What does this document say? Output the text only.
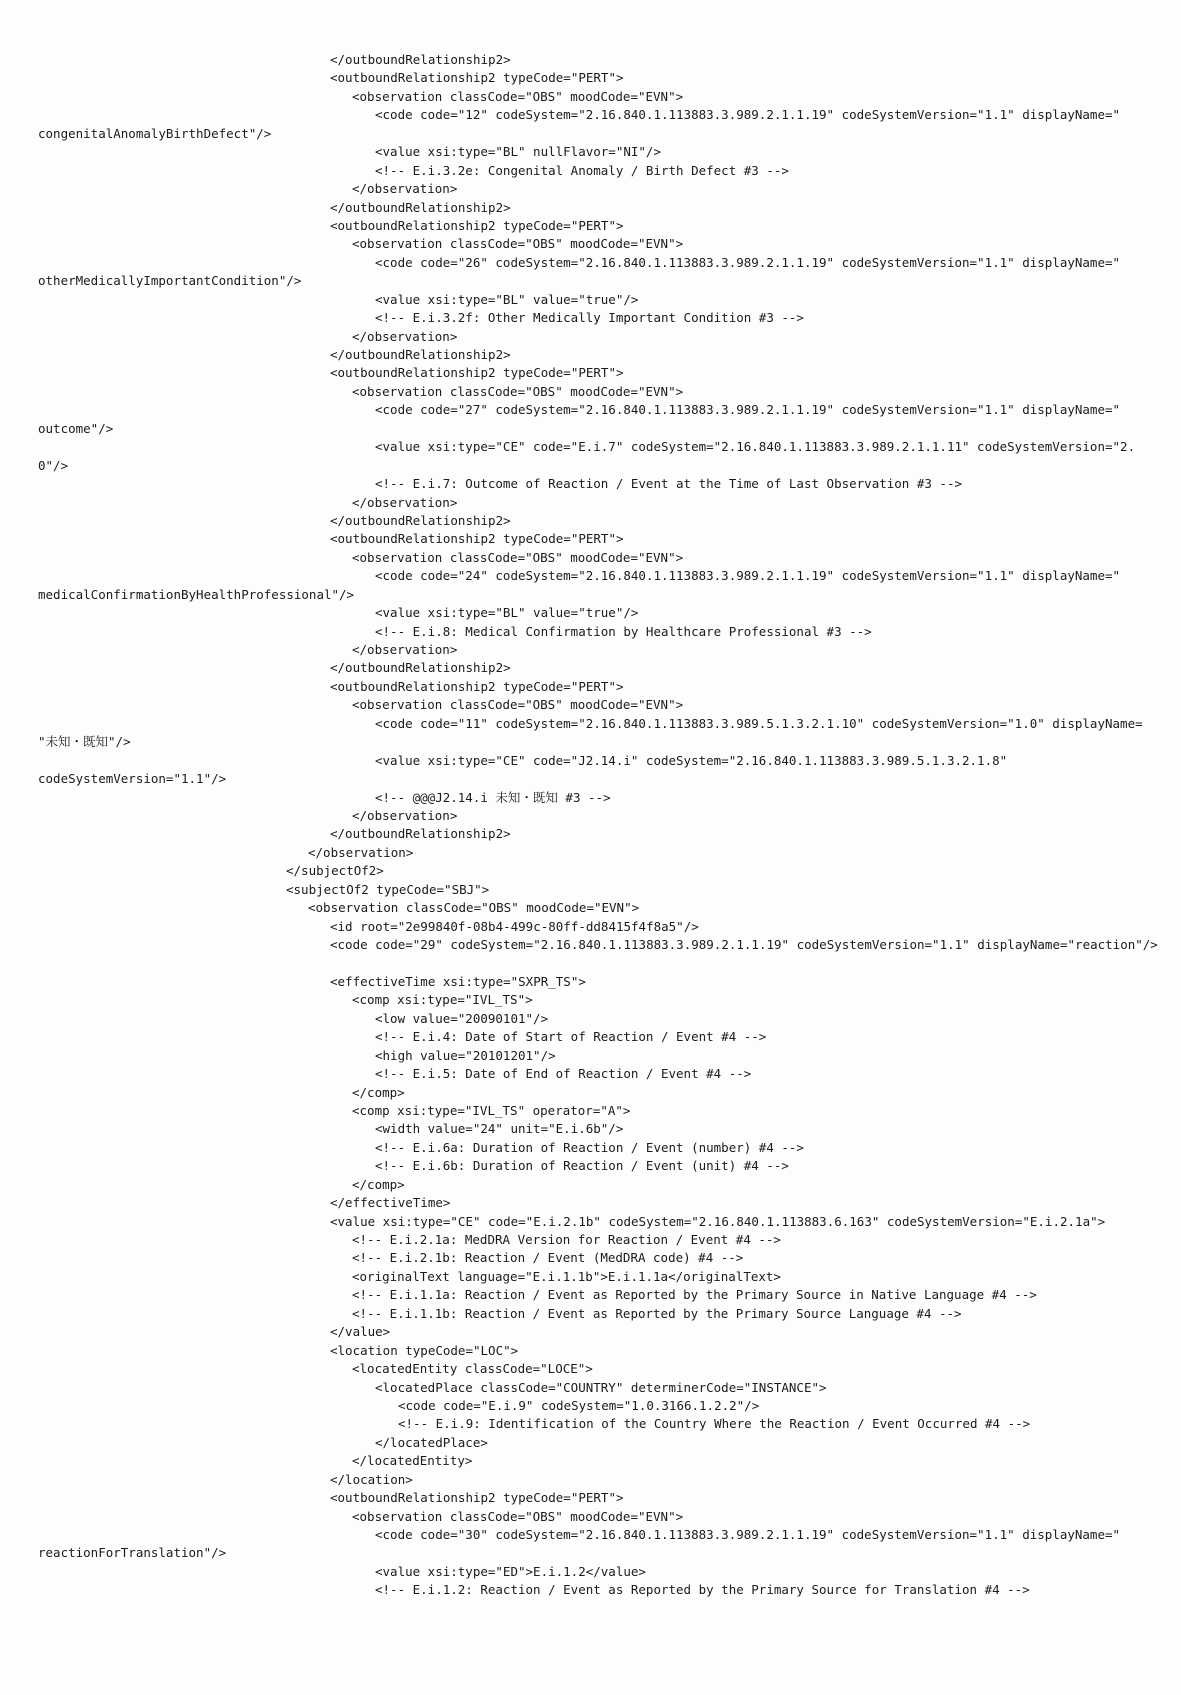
</outboundRelationship2>
<outboundRelationship2 typeCode="PERT">
<observation classCode="OBS" moodCode="EVN">
<code code="12" codeSystem="2.16.840.1.113883.3.989.2.1.1.19" codeSystemVersion="1.1" displayName="
congenitalAnomalyBirthDefect"/>
<value xsi:type="BL" nullFlavor="NI"/>
<!-- E.i.3.2e: Congenital Anomaly / Birth Defect #3 -->
</observation>
</outboundRelationship2>
<outboundRelationship2 typeCode="PERT">
<observation classCode="OBS" moodCode="EVN">
<code code="26" codeSystem="2.16.840.1.113883.3.989.2.1.1.19" codeSystemVersion="1.1" displayName="
otherMedicallyImportantCondition"/>
<value xsi:type="BL" value="true"/>
<!-- E.i.3.2f: Other Medically Important Condition #3 -->
</observation>
</outboundRelationship2>
<outboundRelationship2 typeCode="PERT">
<observation classCode="OBS" moodCode="EVN">
<code code="27" codeSystem="2.16.840.1.113883.3.989.2.1.1.19" codeSystemVersion="1.1" displayName="
outcome"/>
<value xsi:type="CE" code="E.i.7" codeSystem="2.16.840.1.113883.3.989.2.1.1.11" codeSystemVersion="2.
0"/>
<!-- E.i.7: Outcome of Reaction / Event at the Time of Last Observation #3 -->
</observation>
</outboundRelationship2>
<outboundRelationship2 typeCode="PERT">
<observation classCode="OBS" moodCode="EVN">
<code code="24" codeSystem="2.16.840.1.113883.3.989.2.1.1.19" codeSystemVersion="1.1" displayName="
medicalConfirmationByHealthProfessional"/>
<value xsi:type="BL" value="true"/>
<!-- E.i.8: Medical Confirmation by Healthcare Professional #3 -->
</observation>
</outboundRelationship2>
<outboundRelationship2 typeCode="PERT">
<observation classCode="OBS" moodCode="EVN">
<code code="11" codeSystem="2.16.840.1.113883.3.989.5.1.3.2.1.10" codeSystemVersion="1.0" displayName=
"未知・既知"/>
<value xsi:type="CE" code="J2.14.i" codeSystem="2.16.840.1.113883.3.989.5.1.3.2.1.8"
codeSystemVersion="1.1"/>
<!-- @@@J2.14.i 未知・既知 #3 -->
</observation>
</outboundRelationship2>
</observation>
</subjectOf2>
<subjectOf2 typeCode="SBJ">
<observation classCode="OBS" moodCode="EVN">
<id root="2e99840f-08b4-499c-80ff-dd8415f4f8a5"/>
<code code="29" codeSystem="2.16.840.1.113883.3.989.2.1.1.19" codeSystemVersion="1.1" displayName="reaction"/>
<effectiveTime xsi:type="SXPR_TS">
<comp xsi:type="IVL_TS">
<low value="20090101"/>
<!-- E.i.4: Date of Start of Reaction / Event #4 -->
<high value="20101201"/>
<!-- E.i.5: Date of End of Reaction / Event #4 -->
</comp>
<comp xsi:type="IVL_TS" operator="A">
<width value="24" unit="E.i.6b"/>
<!-- E.i.6a: Duration of Reaction / Event (number) #4 -->
<!-- E.i.6b: Duration of Reaction / Event (unit) #4 -->
</comp>
</effectiveTime>
<value xsi:type="CE" code="E.i.2.1b" codeSystem="2.16.840.1.113883.6.163" codeSystemVersion="E.i.2.1a">
<!-- E.i.2.1a: MedDRA Version for Reaction / Event #4 -->
<!-- E.i.2.1b: Reaction / Event (MedDRA code) #4 -->
<originalText language="E.i.1.1b">E.i.1.1a</originalText>
<!-- E.i.1.1a: Reaction / Event as Reported by the Primary Source in Native Language #4 -->
<!-- E.i.1.1b: Reaction / Event as Reported by the Primary Source Language #4 -->
</value>
<location typeCode="LOC">
<locatedEntity classCode="LOCE">
<locatedPlace classCode="COUNTRY" determinerCode="INSTANCE">
<code code="E.i.9" codeSystem="1.0.3166.1.2.2"/>
<!-- E.i.9: Identification of the Country Where the Reaction / Event Occurred #4 -->
</locatedPlace>
</locatedEntity>
</location>
<outboundRelationship2 typeCode="PERT">
<observation classCode="OBS" moodCode="EVN">
<code code="30" codeSystem="2.16.840.1.113883.3.989.2.1.1.19" codeSystemVersion="1.1" displayName="
reactionForTranslation"/>
<value xsi:type="ED">E.i.1.2</value>
<!-- E.i.1.2: Reaction / Event as Reported by the Primary Source for Translation #4 -->
